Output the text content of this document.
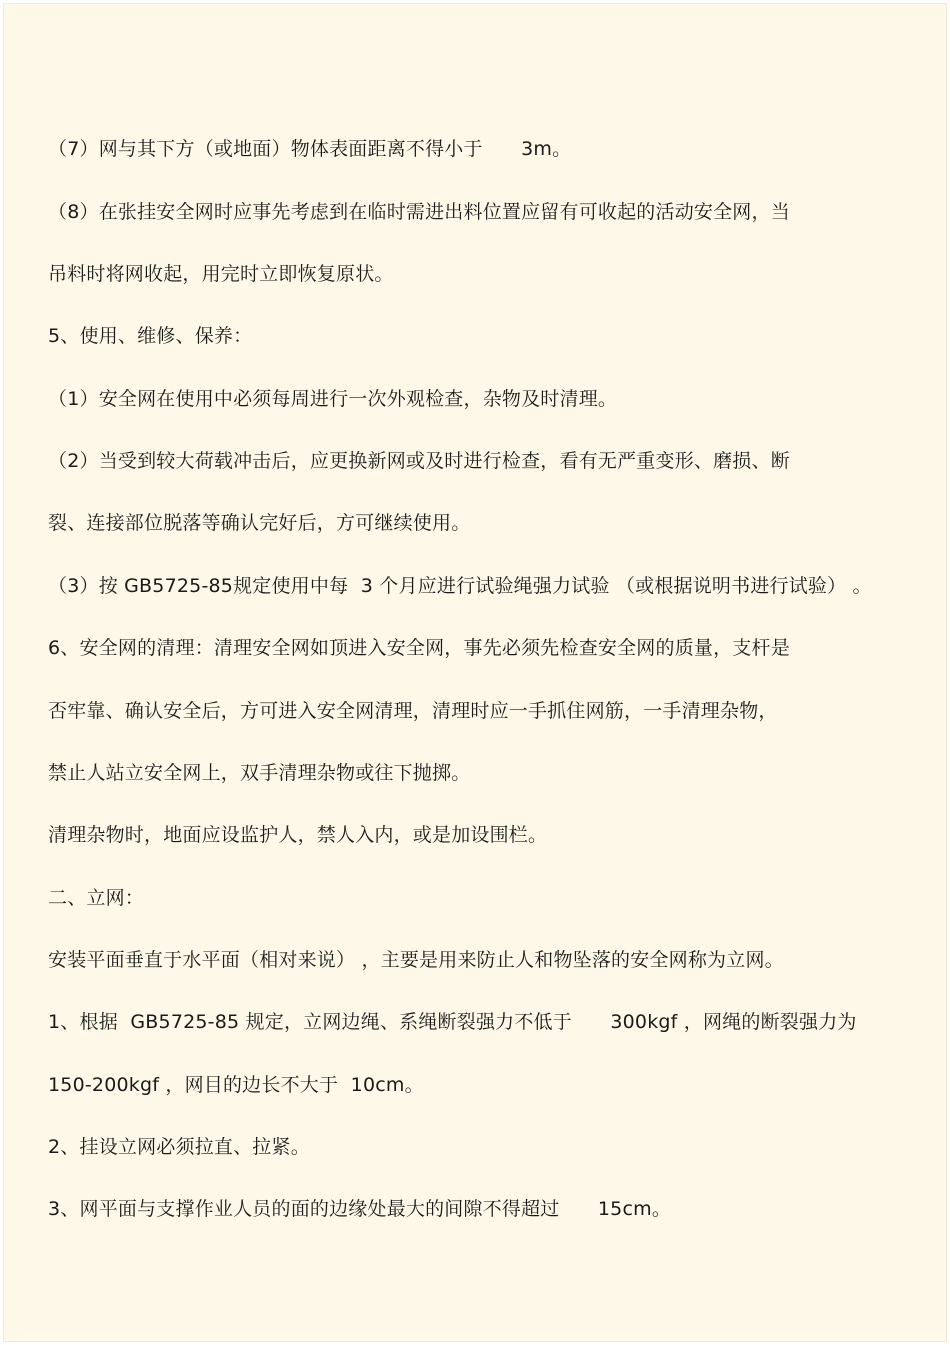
（7）网与其下方（或地面）物体表面距离不得小于　　3m。
（8）在张挂安全网时应事先考虑到在临时需进出料位置应留有可收起的活动安全网，当
吊料时将网收起，用完时立即恢复原状。
5、使用、维修、保养：
（1）安全网在使用中必须每周进行一次外观检查，杂物及时清理。
（2）当受到较大荷载冲击后，应更换新网或及时进行检查，看有无严重变形、磨损、断
裂、连接部位脱落等确认完好后，方可继续使用。
（3）按 GB5725-85规定使用中每  3 个月应进行试验绳强力试验 （或根据说明书进行试验） 。
6、安全网的清理：清理安全网如顶进入安全网，事先必须先检查安全网的质量，支杆是
否牢靠、确认安全后，方可进入安全网清理，清理时应一手抓住网筋，一手清理杂物，
禁止人站立安全网上，双手清理杂物或往下抛掷。
清理杂物时，地面应设监护人，禁人入内，或是加设围栏。
二、立网：
安装平面垂直于水平面（相对来说） ，主要是用来防止人和物坠落的安全网称为立网。
1、根据  GB5725-85 规定，立网边绳、系绳断裂强力不低于　　300kgf ，网绳的断裂强力为
150-200kgf ，网目的边长不大于  10cm。
2、挂设立网必须拉直、拉紧。
3、网平面与支撑作业人员的面的边缘处最大的间隙不得超过　　15cm。
